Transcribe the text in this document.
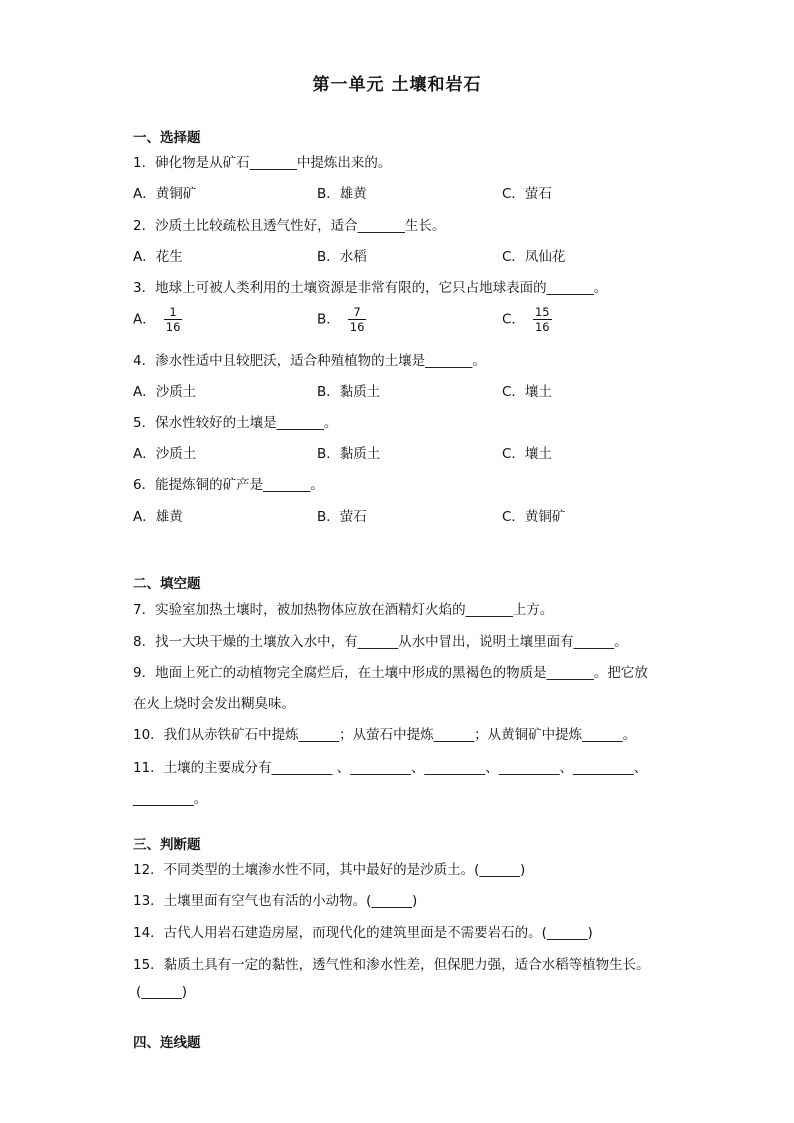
第一单元 土壤和岩石
一、选择题
1．砷化物是从矿石_______中提炼出来的。
A．黄铜矿	B．雄黄	C．萤石
2．沙质土比较疏松且透气性好，适合_______生长。
A．花生	B．水稻	C．凤仙花
3．地球上可被人类利用的土壤资源是非常有限的，它只占地球表面的_______。
A． $\frac{1}{16}$	B． $\frac{7}{16}$	C． $\frac{15}{16}$
4．渗水性适中且较肥沃，适合种殖植物的土壤是_______。
A．沙质土	B．黏质土	C．壤土
5．保水性较好的土壤是_______。
A．沙质土	B．黏质土	C．壤土
6．能提炼铜的矿产是_______。
A．雄黄	B．萤石	C．黄铜矿
二、填空题
7．实验室加热土壤时，被加热物体应放在酒精灯火焰的_______上方。
8．找一大块干燥的土壤放入水中，有______从水中冒出，说明土壤里面有______。
9．地面上死亡的动植物完全腐烂后，在土壤中形成的黑褐色的物质是_______。把它放
在火上烧时会发出糊臭味。
10．我们从赤铁矿石中提炼______；从萤石中提炼______；从黄铜矿中提炼______。
11．土壤的主要成分有_________ 、_________、_________、_________、_________、
_________。
三、判断题
12．不同类型的土壤渗水性不同，其中最好的是沙质土。(______)
13．土壤里面有空气也有活的小动物。(______)
14．古代人用岩石建造房屋，而现代化的建筑里面是不需要岩石的。(______)
15．黏质土具有一定的黏性，透气性和渗水性差，但保肥力强，适合水稻等植物生长。
(______)
四、连线题
